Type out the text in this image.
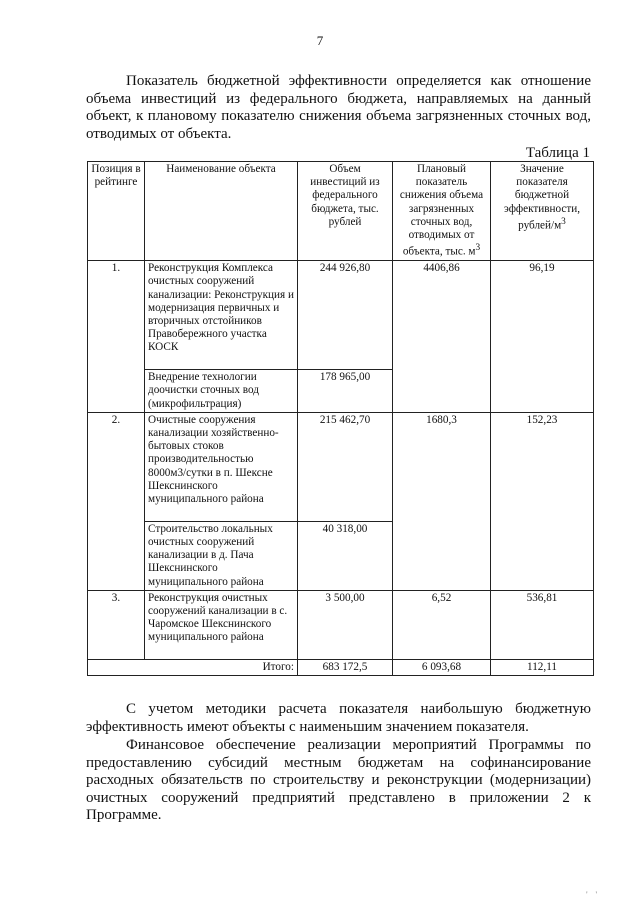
7

Показатель бюджетной эффективности определяется как отношение объема инвестиций из федерального бюджета, направляемых на данный объект, к плановому показателю снижения объема загрязненных сточных вод, отводимых от объекта.

Таблица 1
Позиция в рейтинге	Наименование объекта	Объем инвестиций из федерального бюджета, тыс. рублей	Плановый показатель снижения объема загрязненных сточных вод, отводимых от объекта, тыс. $м^3$	Значение показателя бюджетной эффективности, рублей/$м^3$
1.	Реконструкция Комплекса очистных сооружений канализации: Реконструкция и модернизация первичных и вторичных отстойников Правобережного участка КОСК	244 926,80	4406,86	96,19
	Внедрение технологии доочистки сточных вод (микрофильтрация)	178 965,00		
2.	Очистные сооружения канализации хозяйственно-бытовых стоков производительностью 8000м3/сутки в п. Шексне Шекснинского муниципального района	215 462,70	1680,3	152,23
	Строительство локальных очистных сооружений канализации в д. Пача Шекснинского муниципального района	40 318,00		
3.	Реконструкция очистных сооружений канализации в с. Чаромское Шекснинского муниципального района	3 500,00	6,52	536,81
Итого:		683 172,5	6 093,68	112,11

С учетом методики расчета показателя наибольшую бюджетную эффективность имеют объекты с наименьшим значением показателя.

Финансовое обеспечение реализации мероприятий Программы по предоставлению субсидий местным бюджетам на софинансирование расходных обязательств по строительству и реконструкции (модернизации) очистных сооружений предприятий представлено в приложении 2 к Программе.

' '
